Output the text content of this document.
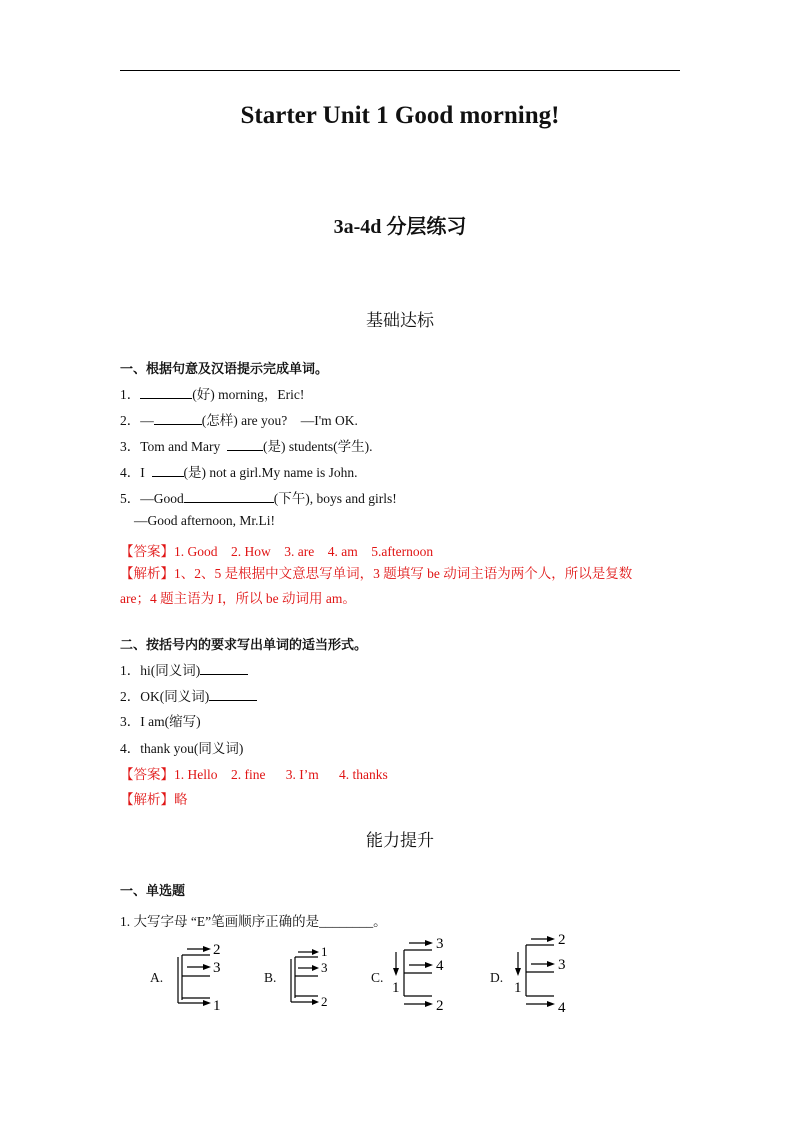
Starter Unit 1 Good morning!
3a-4d 分层练习
基础达标
一、根据句意及汉语提示完成单词。
1．	(好) morning，Eric!
2．—	(怎样) are you?    —I'm OK.
3．Tom and Mary	(是) students(学生).
4．I  (是) not a girl.My name is John.
5．—Good	(下午), boys and girls!
—Good afternoon, Mr.Li!
【答案】1. Good    2. How    3. are    4. am    5.afternoon
【解析】1、2、5 是根据中文意思写单词，3 题填写 be 动词主语为两个人，所以是复数
are；4 题主语为 I，所以 be 动词用 am。
二、按括号内的要求写出单词的适当形式。
1．hi(同义词)
2．OK(同义词)
3．I am(缩写)
4．thank you(同义词)
【答案】1. Hello    2. fine      3. I’m      4. thanks
【解析】略
能力提升
一、单选题
1. 大写字母 “E”笔画顺序正确的是________。
A.
2
3
1
B.
1
3
2
C.
3
4
1
2
D.
2
3
1
4
